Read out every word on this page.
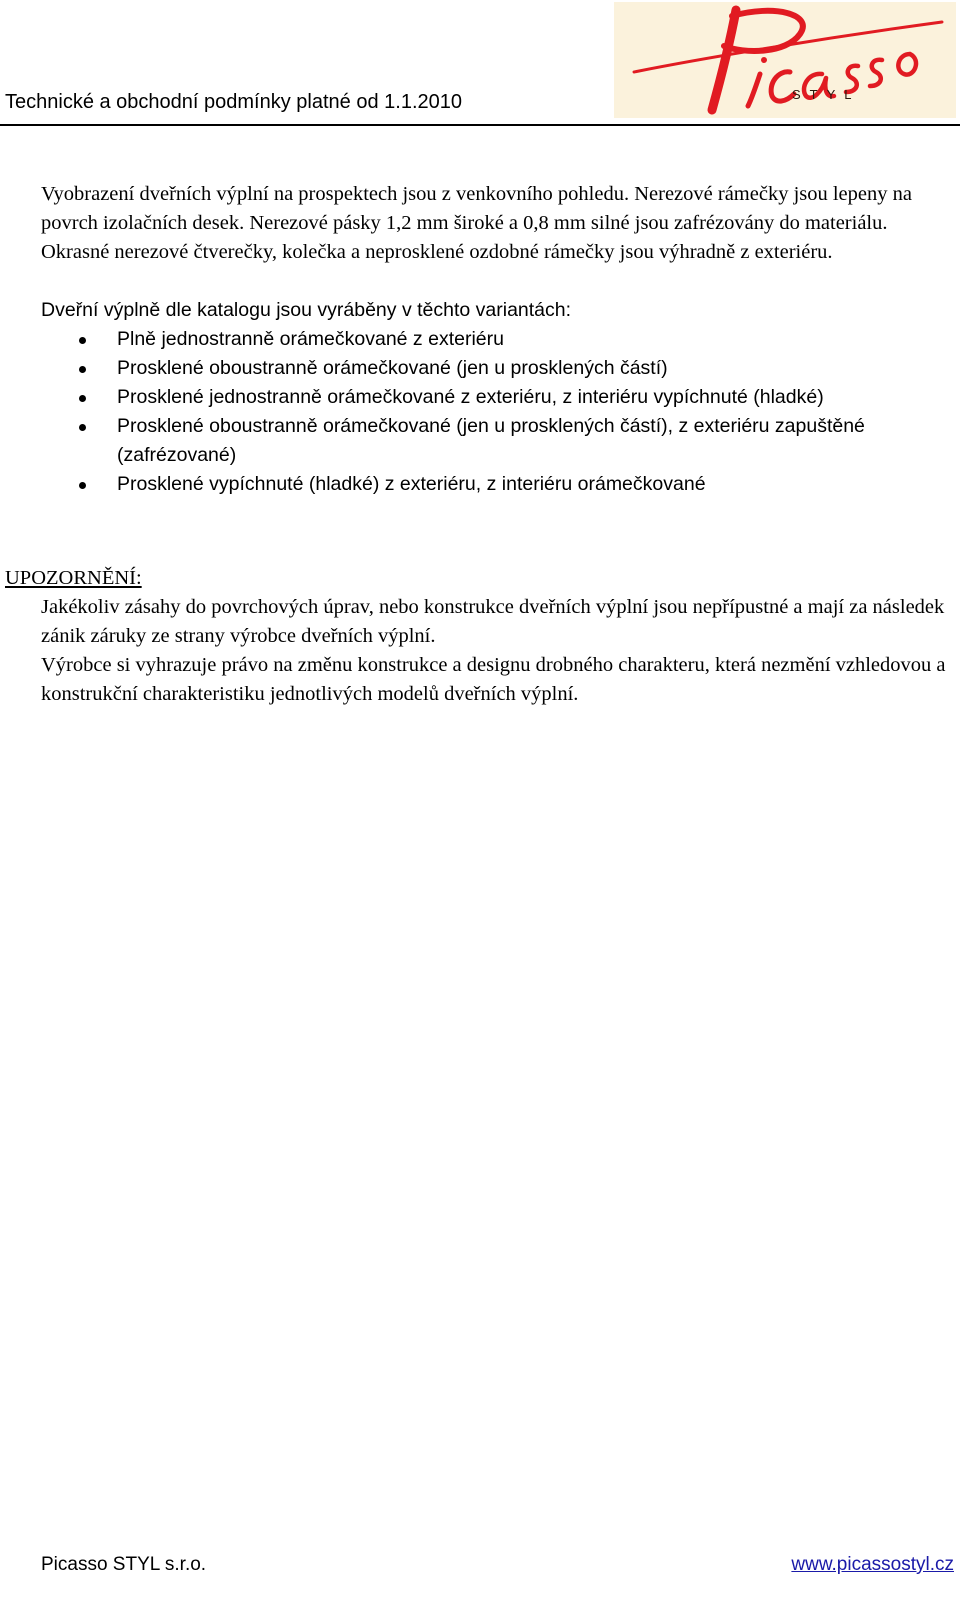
Technické a obchodní podmínky platné od 1.1.2010	STYL

Vyobrazení dveřních výplní na prospektech jsou z venkovního pohledu. Nerezové rámečky jsou lepeny na povrch izolačních desek. Nerezové pásky 1,2 mm široké a 0,8 mm silné jsou zafrézovány do materiálu. Okrasné nerezové čtverečky, kolečka a neprosklené ozdobné rámečky jsou výhradně z exteriéru.

Dveřní výplně dle katalogu jsou vyráběny v těchto variantách:

Plně jednostranně orámečkované z exteriéru
Prosklené oboustranně orámečkované (jen u prosklených částí)
Prosklené jednostranně orámečkované z exteriéru, z interiéru vypíchnuté (hladké)
Prosklené oboustranně orámečkované (jen u prosklených částí), z exteriéru zapuštěné (zafrézované)
Prosklené vypíchnuté (hladké) z exteriéru, z interiéru orámečkované
UPOZORNĚNÍ:

Jakékoliv zásahy do povrchových úprav, nebo konstrukce dveřních výplní jsou nepřípustné a mají za následek zánik záruky ze strany výrobce dveřních výplní.

Výrobce si vyhrazuje právo na změnu konstrukce a designu drobného charakteru, která nezmění vzhledovou a konstrukční charakteristiku jednotlivých modelů dveřních výplní.

Picasso STYL s.r.o.	www.picassostyl.cz
